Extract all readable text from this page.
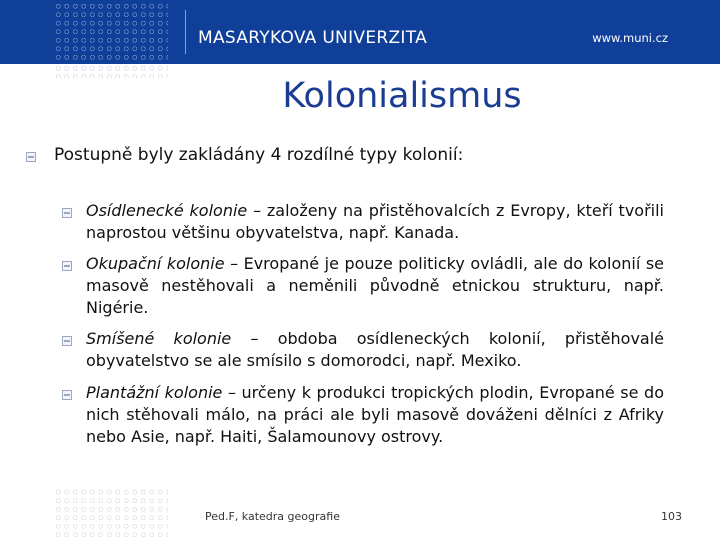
MASARYKOVA UNIVERZITA	www.muni.cz
Kolonialismus
Postupně byly zakládány 4 rozdílné typy kolonií:
Osídlenecké kolonie – založeny na přistěhovalcích z Evropy, kteří tvořili naprostou většinu obyvatelstva, např. Kanada.
Okupační kolonie – Evropané je pouze politicky ovládli, ale do kolonií se masově nestěhovali a neměnili původně etnickou strukturu, např. Nigérie.
Smíšené kolonie – obdoba osídleneckých kolonií, přistěhovalé obyvatelstvo se ale smísilo s domorodci, např. Mexiko.
Plantážní kolonie – určeny k produkci tropických plodin, Evropané se do nich stěhovali málo, na práci ale byli masově dováženi dělníci z Afriky nebo Asie, např. Haiti, Šalamounovy ostrovy.
Ped.F, katedra geografie	103
